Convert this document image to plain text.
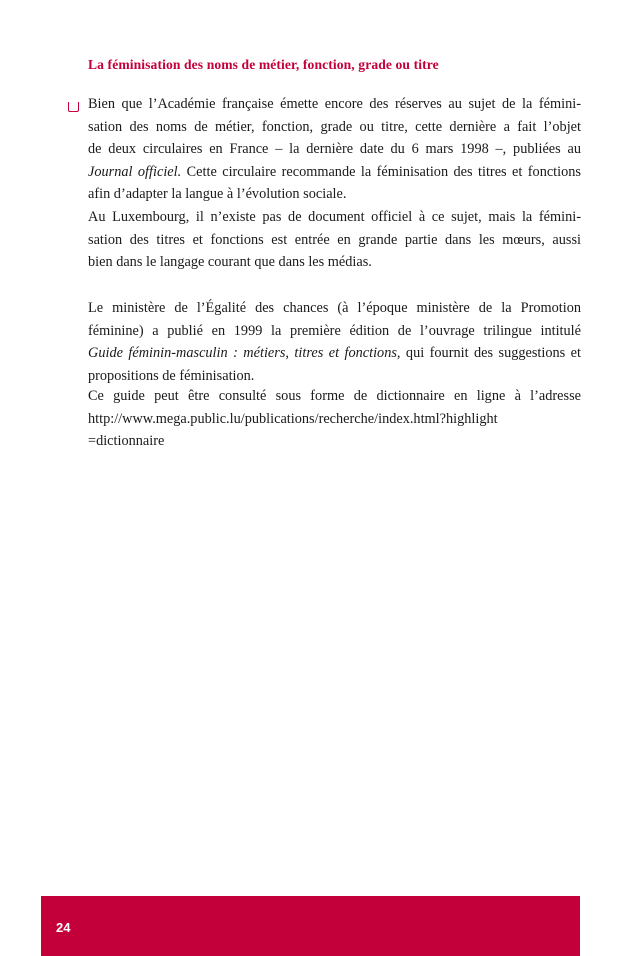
La féminisation des noms de métier, fonction, grade ou titre
Bien que l’Académie française émette encore des réserves au sujet de la fémini-
sation des noms de métier, fonction, grade ou titre, cette dernière a fait l’objet
de deux circulaires en France – la dernière date du 6 mars 1998 –, publiées au
Journal officiel. Cette circulaire recommande la féminisation des titres et fonctions
afin d’adapter la langue à l’évolution sociale.
Au Luxembourg, il n’existe pas de document officiel à ce sujet, mais la fémini-
sation des titres et fonctions est entrée en grande partie dans les mœurs, aussi
bien dans le langage courant que dans les médias.
Le ministère de l’Égalité des chances (à l’époque ministère de la Promotion
féminine) a publié en 1999 la première édition de l’ouvrage trilingue intitulé
Guide féminin-masculin : métiers, titres et fonctions, qui fournit des suggestions et
propositions de féminisation.
Ce guide peut être consulté sous forme de dictionnaire en ligne à l’adresse
http://www.mega.public.lu/publications/recherche/index.html?highlight
=dictionnaire
24
